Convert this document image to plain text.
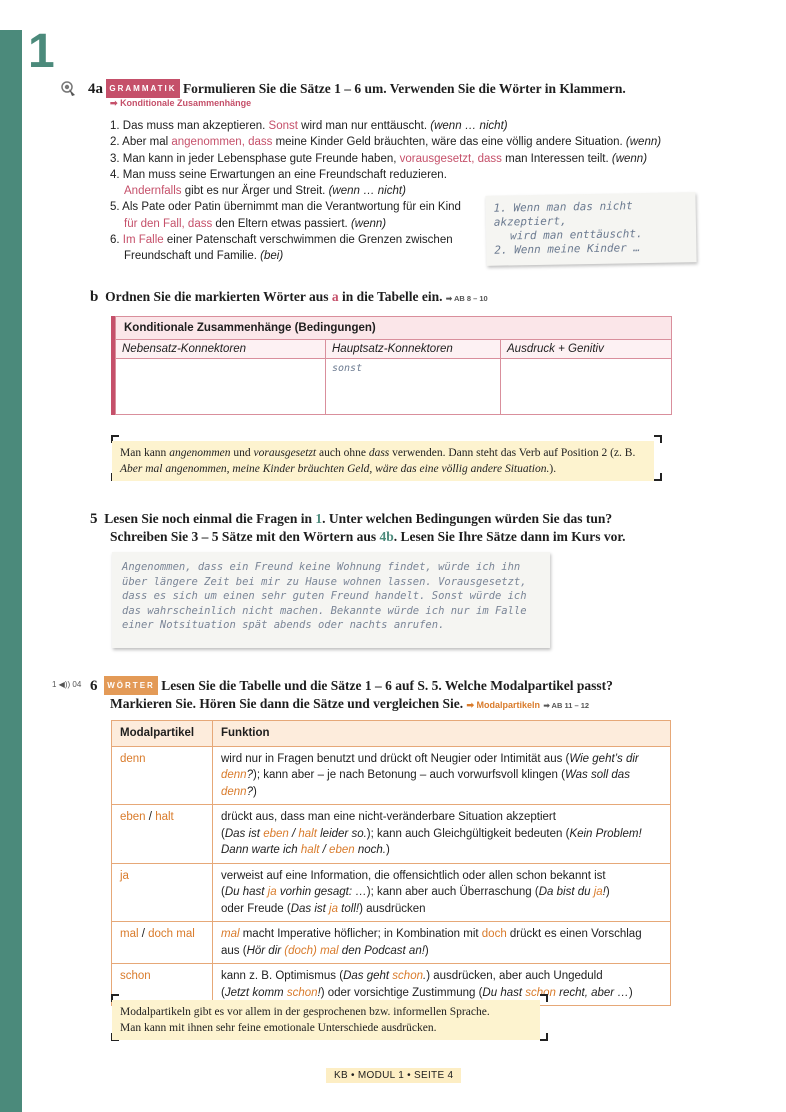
1
4a GRAMMATIK Formulieren Sie die Sätze 1 – 6 um. Verwenden Sie die Wörter in Klammern.
➡ Konditionale Zusammenhänge
1. Das muss man akzeptieren. Sonst wird man nur enttäuscht. (wenn … nicht)
2. Aber mal angenommen, dass meine Kinder Geld bräuchten, wäre das eine völlig andere Situation. (wenn)
3. Man kann in jeder Lebensphase gute Freunde haben, vorausgesetzt, dass man Interessen teilt. (wenn)
4. Man muss seine Erwartungen an eine Freundschaft reduzieren. Andernfalls gibt es nur Ärger und Streit. (wenn … nicht)
5. Als Pate oder Patin übernimmt man die Verantwortung für ein Kind für den Fall, dass den Eltern etwas passiert. (wenn)
6. Im Falle einer Patenschaft verschwimmen die Grenzen zwischen Freundschaft und Familie. (bei)
1. Wenn man das nicht akzeptiert,
wird man enttäuscht.
2. Wenn meine Kinder …
b Ordnen Sie die markierten Wörter aus a in die Tabelle ein. ➡ AB 8 – 10
Konditionale Zusammenhänge (Bedingungen)		
Nebensatz-Konnektoren	Hauptsatz-Konnektoren	Ausdruck + Genitiv
	sonst	
Man kann angenommen und vorausgesetzt auch ohne dass verwenden. Dann steht das Verb auf Position 2 (z. B. Aber mal angenommen, meine Kinder bräuchten Geld, wäre das eine völlig andere Situation.).
5 Lesen Sie noch einmal die Fragen in 1. Unter welchen Bedingungen würden Sie das tun?
Schreiben Sie 3 – 5 Sätze mit den Wörtern aus 4b. Lesen Sie Ihre Sätze dann im Kurs vor.
Angenommen, dass ein Freund keine Wohnung findet, würde ich ihn über längere Zeit bei mir zu Hause wohnen lassen. Vorausgesetzt, dass es sich um einen sehr guten Freund handelt. Sonst würde ich das wahrscheinlich nicht machen. Bekannte würde ich nur im Falle einer Notsituation spät abends oder nachts anrufen.
1 ◀)) 04 6 WÖRTER Lesen Sie die Tabelle und die Sätze 1 – 6 auf S. 5. Welche Modalpartikel passt?
Markieren Sie. Hören Sie dann die Sätze und vergleichen Sie. ➡ Modalpartikeln ➡ AB 11 – 12
Modalpartikel	Funktion
denn	wird nur in Fragen benutzt und drückt oft Neugier oder Intimität aus (Wie geht’s dir denn?); kann aber – je nach Betonung – auch vorwurfsvoll klingen (Was soll das denn?)
eben / halt	drückt aus, dass man eine nicht-veränderbare Situation akzeptiert
(Das ist eben / halt leider so.); kann auch Gleichgültigkeit bedeuten (Kein Problem! Dann warte ich halt / eben noch.)
ja	verweist auf eine Information, die offensichtlich oder allen schon bekannt ist
(Du hast ja vorhin gesagt: …); kann aber auch Überraschung (Da bist du ja!)
oder Freude (Das ist ja toll!) ausdrücken
mal / doch mal	mal macht Imperative höflicher; in Kombination mit doch drückt es einen Vorschlag aus (Hör dir (doch) mal den Podcast an!)
schon	kann z. B. Optimismus (Das geht schon.) ausdrücken, aber auch Ungeduld
(Jetzt komm schon!) oder vorsichtige Zustimmung (Du hast schon recht, aber …)
Modalpartikeln gibt es vor allem in der gesprochenen bzw. informellen Sprache.
Man kann mit ihnen sehr feine emotionale Unterschiede ausdrücken.
KB • MODUL 1 • SEITE 4
